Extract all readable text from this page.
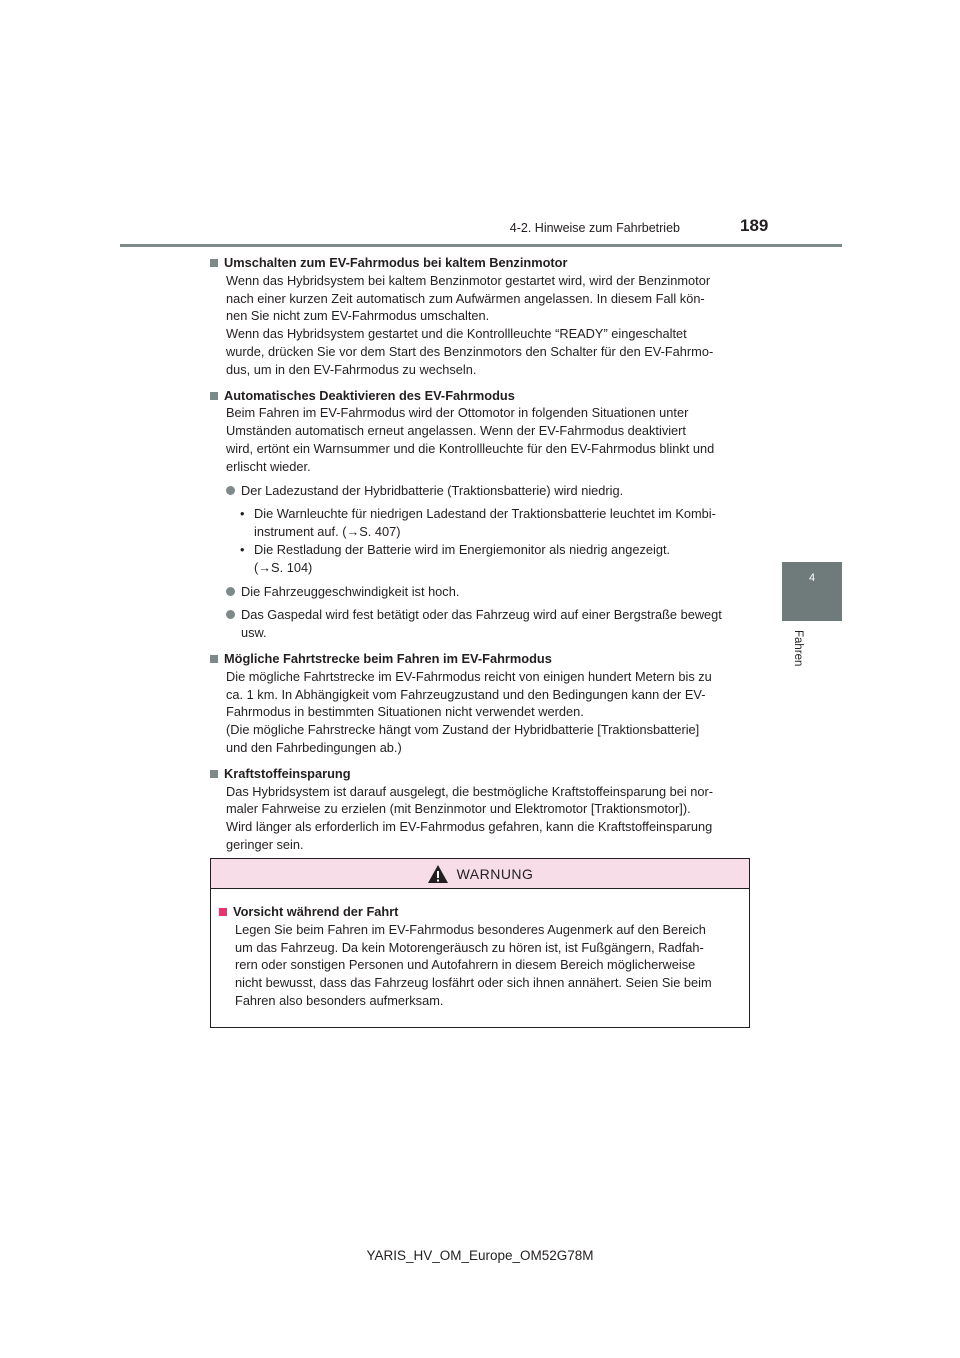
4-2. Hinweise zum Fahrbetrieb	189
4
Fahren
Umschalten zum EV-Fahrmodus bei kaltem Benzinmotor
Wenn das Hybridsystem bei kaltem Benzinmotor gestartet wird, wird der Benzinmotor
nach einer kurzen Zeit automatisch zum Aufwärmen angelassen. In diesem Fall kön-
nen Sie nicht zum EV-Fahrmodus umschalten.
Wenn das Hybridsystem gestartet und die Kontrollleuchte “READY” eingeschaltet
wurde, drücken Sie vor dem Start des Benzinmotors den Schalter für den EV-Fahrmo-
dus, um in den EV-Fahrmodus zu wechseln.
Automatisches Deaktivieren des EV-Fahrmodus
Beim Fahren im EV-Fahrmodus wird der Ottomotor in folgenden Situationen unter
Umständen automatisch erneut angelassen. Wenn der EV-Fahrmodus deaktiviert
wird, ertönt ein Warnsummer und die Kontrollleuchte für den EV-Fahrmodus blinkt und
erlischt wieder.
Der Ladezustand der Hybridbatterie (Traktionsbatterie) wird niedrig.
• Die Warnleuchte für niedrigen Ladestand der Traktionsbatterie leuchtet im Kombi-
instrument auf. (→S. 407)
• Die Restladung der Batterie wird im Energiemonitor als niedrig angezeigt.
(→S. 104)
Die Fahrzeuggeschwindigkeit ist hoch.
Das Gaspedal wird fest betätigt oder das Fahrzeug wird auf einer Bergstraße bewegt
usw.
Mögliche Fahrtstrecke beim Fahren im EV-Fahrmodus
Die mögliche Fahrtstrecke im EV-Fahrmodus reicht von einigen hundert Metern bis zu
ca. 1 km. In Abhängigkeit vom Fahrzeugzustand und den Bedingungen kann der EV-
Fahrmodus in bestimmten Situationen nicht verwendet werden.
(Die mögliche Fahrstrecke hängt vom Zustand der Hybridbatterie [Traktionsbatterie]
und den Fahrbedingungen ab.)
Kraftstoffeinsparung
Das Hybridsystem ist darauf ausgelegt, die bestmögliche Kraftstoffeinsparung bei nor-
maler Fahrweise zu erzielen (mit Benzinmotor und Elektromotor [Traktionsmotor]).
Wird länger als erforderlich im EV-Fahrmodus gefahren, kann die Kraftstoffeinsparung
geringer sein.
WARNUNG
Vorsicht während der Fahrt
Legen Sie beim Fahren im EV-Fahrmodus besonderes Augenmerk auf den Bereich
um das Fahrzeug. Da kein Motorengeräusch zu hören ist, ist Fußgängern, Radfah-
rern oder sonstigen Personen und Autofahrern in diesem Bereich möglicherweise
nicht bewusst, dass das Fahrzeug losfährt oder sich ihnen annähert. Seien Sie beim
Fahren also besonders aufmerksam.
YARIS_HV_OM_Europe_OM52G78M
